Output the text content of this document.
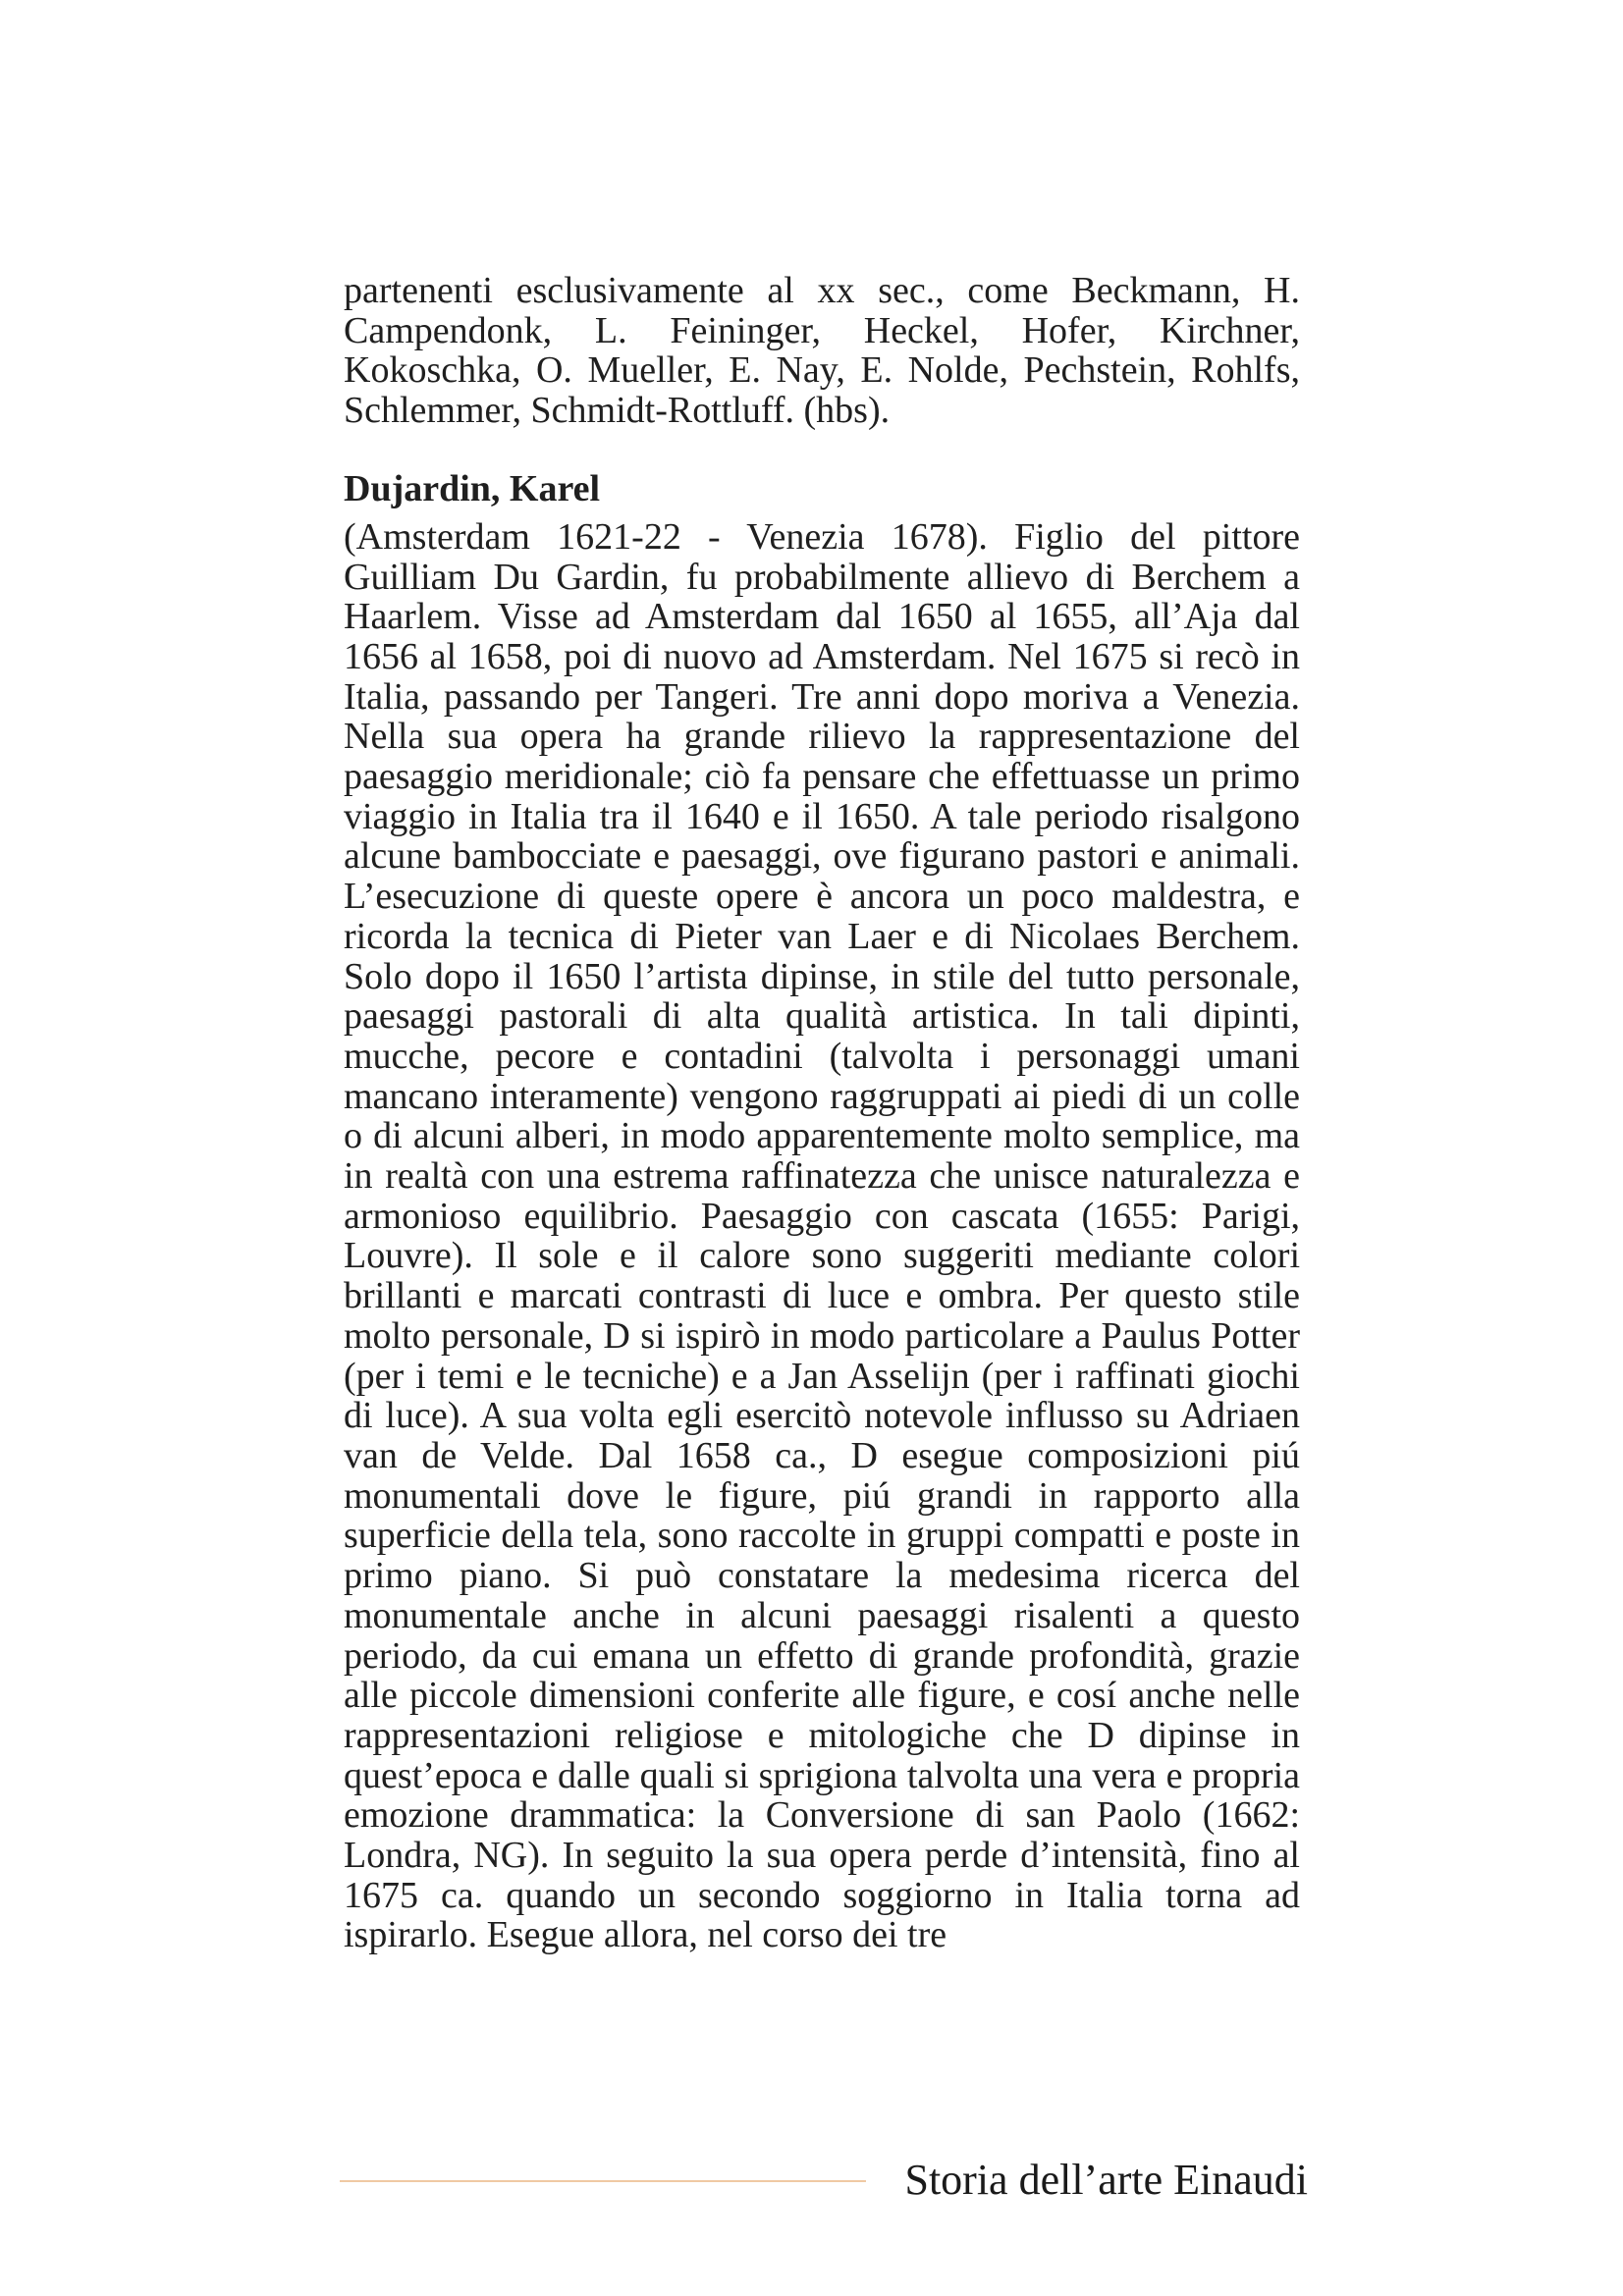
partenenti esclusivamente al xx sec., come Beckmann, H. Campendonk, L. Feininger, Heckel, Hofer, Kirchner, Kokoschka, O. Mueller, E. Nay, E. Nolde, Pechstein, Rohlfs, Schlemmer, Schmidt-Rottluff. (hbs).

Dujardin, Karel

(Amsterdam 1621-22 - Venezia 1678). Figlio del pittore Guilliam Du Gardin, fu probabilmente allievo di Berchem a Haarlem. Visse ad Amsterdam dal 1650 al 1655, all’Aja dal 1656 al 1658, poi di nuovo ad Amsterdam. Nel 1675 si recò in Italia, passando per Tangeri. Tre anni dopo moriva a Venezia. Nella sua opera ha grande rilievo la rappresentazione del paesaggio meridionale; ciò fa pensare che effettuasse un primo viaggio in Italia tra il 1640 e il 1650. A tale periodo risalgono alcune bambocciate e paesaggi, ove figurano pastori e animali. L’esecuzione di queste opere è ancora un poco maldestra, e ricorda la tecnica di Pieter van Laer e di Nicolaes Berchem. Solo dopo il 1650 l’artista dipinse, in stile del tutto personale, paesaggi pastorali di alta qualità artistica. In tali dipinti, mucche, pecore e contadini (talvolta i personaggi umani mancano interamente) vengono raggruppati ai piedi di un colle o di alcuni alberi, in modo apparentemente molto semplice, ma in realtà con una estrema raffinatezza che unisce naturalezza e armonioso equilibrio. Paesaggio con cascata (1655: Parigi, Louvre). Il sole e il calore sono suggeriti mediante colori brillanti e marcati contrasti di luce e ombra. Per questo stile molto personale, D si ispirò in modo particolare a Paulus Potter (per i temi e le tecniche) e a Jan Asselijn (per i raffinati giochi di luce). A sua volta egli esercitò notevole influsso su Adriaen van de Velde. Dal 1658 ca., D esegue composizioni piú monumentali dove le figure, piú grandi in rapporto alla superficie della tela, sono raccolte in gruppi compatti e poste in primo piano. Si può constatare la medesima ricerca del monumentale anche in alcuni paesaggi risalenti a questo periodo, da cui emana un effetto di grande profondità, grazie alle piccole dimensioni conferite alle figure, e cosí anche nelle rappresentazioni religiose e mitologiche che D dipinse in quest’epoca e dalle quali si sprigiona talvolta una vera e propria emozione drammatica: la Conversione di san Paolo (1662: Londra, NG). In seguito la sua opera perde d’intensità, fino al 1675 ca. quando un secondo soggiorno in Italia torna ad ispirarlo. Esegue allora, nel corso dei tre

Storia dell’arte Einaudi
